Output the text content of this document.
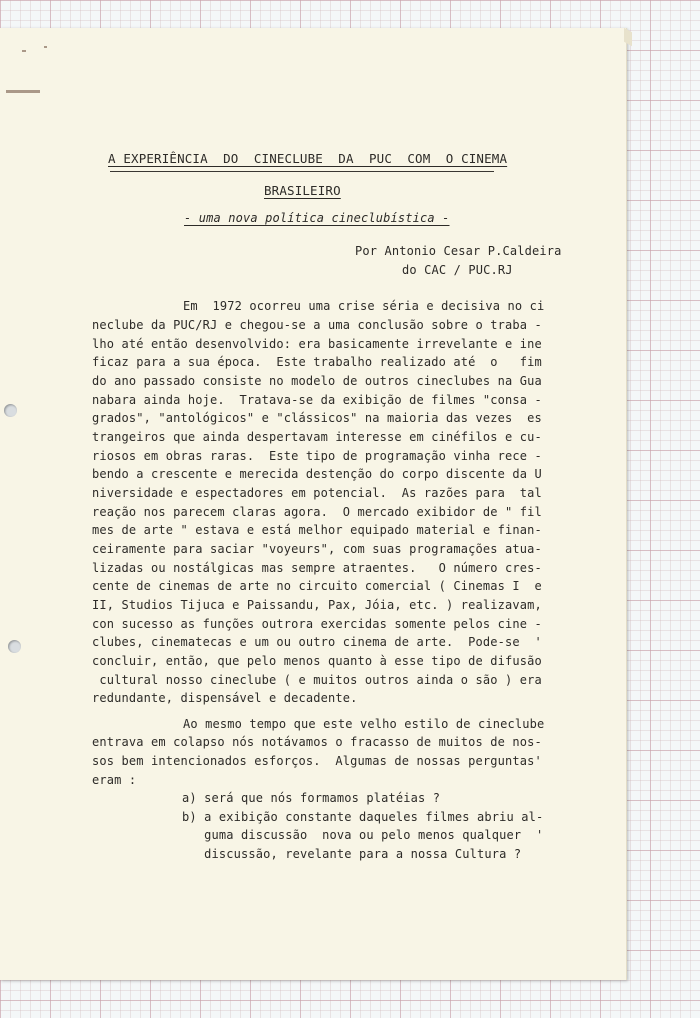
A EXPERIÊNCIA  DO  CINECLUBE  DA  PUC  COM  O CINEMA

BRASILEIRO

- uma nova política cineclubística -

Por Antonio Cesar P.Caldeira

do CAC / PUC.RJ

Em  1972 ocorreu uma crise séria e decisiva no ci

neclube da PUC/RJ e chegou-se a uma conclusão sobre o traba -

lho até então desenvolvido: era basicamente irrevelante e ine

ficaz para a sua época.  Este trabalho realizado até  o   fim

do ano passado consiste no modelo de outros cineclubes na Gua

nabara ainda hoje.  Tratava-se da exibição de filmes "consa -

grados", "antológicos" e "clássicos" na maioria das vezes  es

trangeiros que ainda despertavam interesse em cinéfilos e cu-

riosos em obras raras.  Este tipo de programação vinha rece -

bendo a crescente e merecida destenção do corpo discente da U

niversidade e espectadores em potencial.  As razões para  tal

reação nos parecem claras agora.  O mercado exibidor de " fil

mes de arte " estava e está melhor equipado material e finan-

ceiramente para saciar "voyeurs", com suas programações atua-

lizadas ou nostálgicas mas sempre atraentes.   O número cres-

cente de cinemas de arte no circuito comercial ( Cinemas I  e

II, Studios Tijuca e Paissandu, Pax, Jóia, etc. ) realizavam,

con sucesso as funções outrora exercidas somente pelos cine -

clubes, cinematecas e um ou outro cinema de arte.  Pode-se  '

concluir, então, que pelo menos quanto à esse tipo de difusão

cultural nosso cineclube ( e muitos outros ainda o são ) era

redundante, dispensável e decadente.

Ao mesmo tempo que este velho estilo de cineclube

entrava em colapso nós notávamos o fracasso de muitos de nos-

sos bem intencionados esforços.  Algumas de nossas perguntas'

eram :

a) será que nós formamos platéias ?

b) a exibição constante daqueles filmes abriu al-

guma discussão  nova ou pelo menos qualquer  '

discussão, revelante para a nossa Cultura ?
